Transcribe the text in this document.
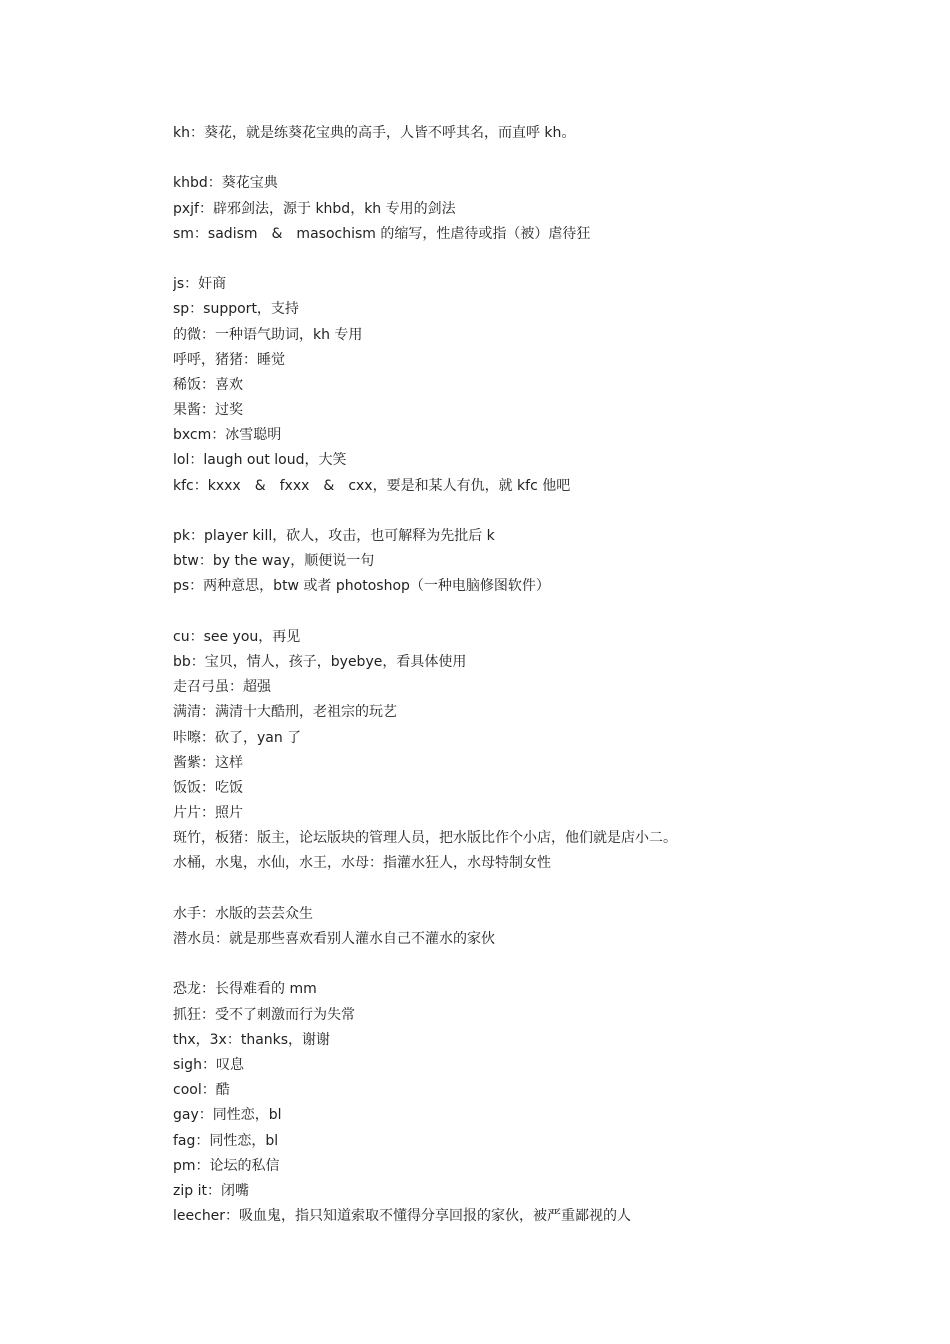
kh：葵花，就是练葵花宝典的高手，人皆不呼其名，而直呼 kh。
khbd：葵花宝典
pxjf：辟邪剑法，源于 khbd，kh 专用的剑法
sm：sadism　&　masochism 的缩写，性虐待或指（被）虐待狂
js：奸商
sp：support，支持
的微：一种语气助词，kh 专用
呼呼，猪猪：睡觉
稀饭：喜欢
果酱：过奖
bxcm：冰雪聪明
lol：laugh out loud，大笑
kfc：kxxx　&　fxxx　&　cxx，要是和某人有仇，就 kfc 他吧
pk：player kill，砍人，攻击，也可解释为先批后 k
btw：by the way，顺便说一句
ps：两种意思，btw 或者 photoshop（一种电脑修图软件）
cu：see you，再见
bb：宝贝，情人，孩子，byebye，看具体使用
走召弓虽：超强
满清：满清十大酷刑，老祖宗的玩艺
咔嚓：砍了，yan 了
酱紫：这样
饭饭：吃饭
片片：照片
斑竹，板猪：版主，论坛版块的管理人员，把水版比作个小店，他们就是店小二。
水桶，水鬼，水仙，水王，水母：指灌水狂人，水母特制女性
水手：水版的芸芸众生
潜水员：就是那些喜欢看别人灌水自己不灌水的家伙
恐龙：长得难看的 mm
抓狂：受不了刺激而行为失常
thx，3x：thanks，谢谢
sigh：叹息
cool：酷
gay：同性恋，bl
fag：同性恋，bl
pm：论坛的私信
zip it：闭嘴
leecher：吸血鬼，指只知道索取不懂得分享回报的家伙，被严重鄙视的人
